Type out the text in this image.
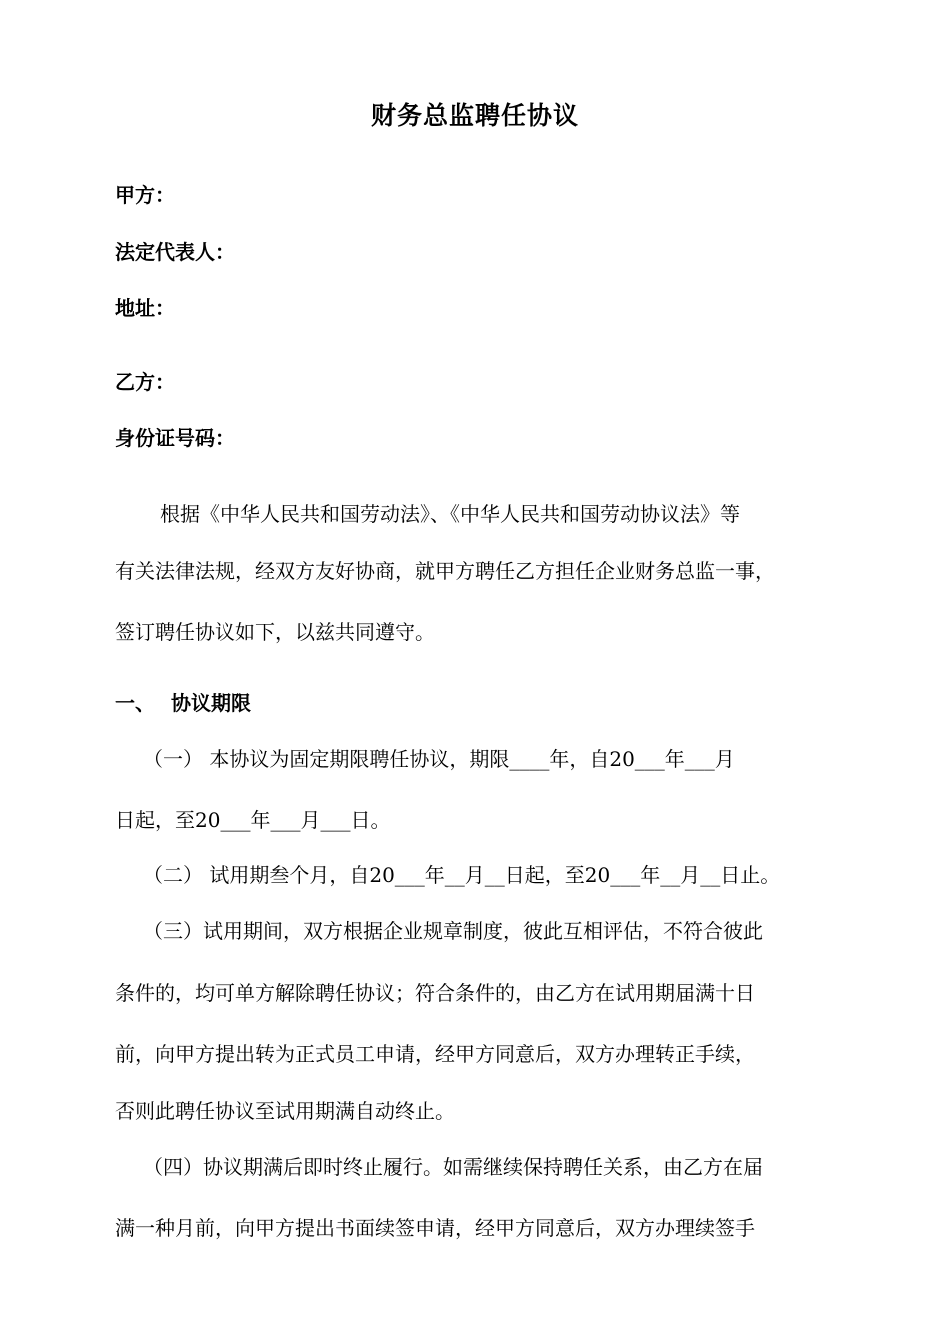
财务总监聘任协议
甲方：
法定代表人：
地址：
乙方：
身份证号码：
根据《中华人民共和国劳动法》、《中华人民共和国劳动协议法》等
有关法律法规，经双方友好协商，就甲方聘任乙方担任企业财务总监一事，
签订聘任协议如下，以兹共同遵守。
一、 协议期限
（一） 本协议为固定期限聘任协议，期限____年，自20___年___月
日起，至20___年___月___日。
（二） 试用期叁个月，自20___年__月__日起，至20___年__月__日止。
（三）试用期间，双方根据企业规章制度，彼此互相评估，不符合彼此
条件的，均可单方解除聘任协议；符合条件的，由乙方在试用期届满十日
前，向甲方提出转为正式员工申请，经甲方同意后，双方办理转正手续，
否则此聘任协议至试用期满自动终止。
（四）协议期满后即时终止履行。如需继续保持聘任关系，由乙方在届
满一种月前，向甲方提出书面续签申请，经甲方同意后，双方办理续签手
